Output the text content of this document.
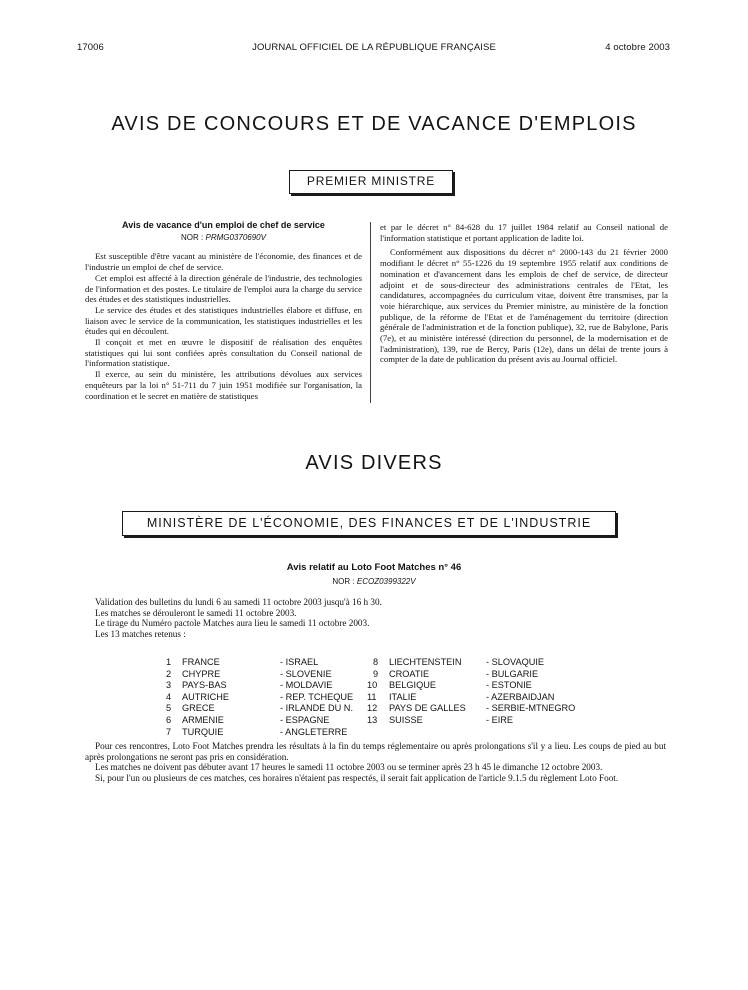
17006	JOURNAL OFFICIEL DE LA RÉPUBLIQUE FRANÇAISE	4 octobre 2003
AVIS DE CONCOURS ET DE VACANCE D'EMPLOIS
PREMIER MINISTRE
Avis de vacance d'un emploi de chef de service
NOR : PRMG0370690V

Est susceptible d'être vacant au ministère de l'économie, des finances et de l'industrie un emploi de chef de service.

Cet emploi est affecté à la direction générale de l'industrie, des technologies de l'information et des postes. Le titulaire de l'emploi aura la charge du service des études et des statistiques industrielles.

Le service des études et des statistiques industrielles élabore et diffuse, en liaison avec le service de la communication, les statistiques industrielles et les études qui en découlent.

Il conçoit et met en œuvre le dispositif de réalisation des enquêtes statistiques qui lui sont confiées après consultation du Conseil national de l'information statistique.

Il exerce, au sein du ministère, les attributions dévolues aux services enquêteurs par la loi n° 51-711 du 7 juin 1951 modifiée sur l'organisation, la coordination et le secret en matière de statistiques

et par le décret n° 84-628 du 17 juillet 1984 relatif au Conseil national de l'information statistique et portant application de ladite loi.

Conformément aux dispositions du décret n° 2000-143 du 21 février 2000 modifiant le décret n° 55-1226 du 19 septembre 1955 relatif aux conditions de nomination et d'avancement dans les emplois de chef de service, de directeur adjoint et de sous-directeur des administrations centrales de l'Etat, les candidatures, accompagnées du curriculum vitae, doivent être transmises, par la voie hiérarchique, aux services du Premier ministre, au ministère de la fonction publique, de la réforme de l'Etat et de l'aménagement du territoire (direction générale de l'administration et de la fonction publique), 32, rue de Babylone, Paris (7e), et au ministère intéressé (direction du personnel, de la modernisation et de l'administration), 139, rue de Bercy, Paris (12e), dans un délai de trente jours à compter de la date de publication du présent avis au Journal officiel.

AVIS DIVERS
MINISTÈRE DE L'ÉCONOMIE, DES FINANCES ET DE L'INDUSTRIE
Avis relatif au Loto Foot Matches n° 46
NOR : ECOZ0399322V

Validation des bulletins du lundi 6 au samedi 11 octobre 2003 jusqu'à 16 h 30.

Les matches se dérouleront le samedi 11 octobre 2003.

Le tirage du Numéro pactole Matches aura lieu le samedi 11 octobre 2003.

Les 13 matches retenus :

1 FRANCE	- ISRAEL
2 CHYPRE	- SLOVENIE
3 PAYS-BAS	- MOLDAVIE
4 AUTRICHE	- REP. TCHEQUE
5 GRECE	- IRLANDE DU N.
6 ARMENIE	- ESPAGNE
7 TURQUIE	- ANGLETERRE
8 LIECHTENSTEIN	- SLOVAQUIE
9 CROATIE	- BULGARIE
10 BELGIQUE	- ESTONIE
11 ITALIE	- AZERBAIDJAN
12 PAYS DE GALLES - SERBIE-MTNEGRO
13 SUISSE	- EIRE

Pour ces rencontres, Loto Foot Matches prendra les résultats à la fin du temps réglementaire ou après prolongations s'il y a lieu. Les coups de pied au but après prolongations ne seront pas pris en considération.

Les matches ne doivent pas débuter avant 17 heures le samedi 11 octobre 2003 ou se terminer après 23 h 45 le dimanche 12 octobre 2003.

Si, pour l'un ou plusieurs de ces matches, ces horaires n'étaient pas respectés, il serait fait application de l'article 9.1.5 du règlement Loto Foot.
